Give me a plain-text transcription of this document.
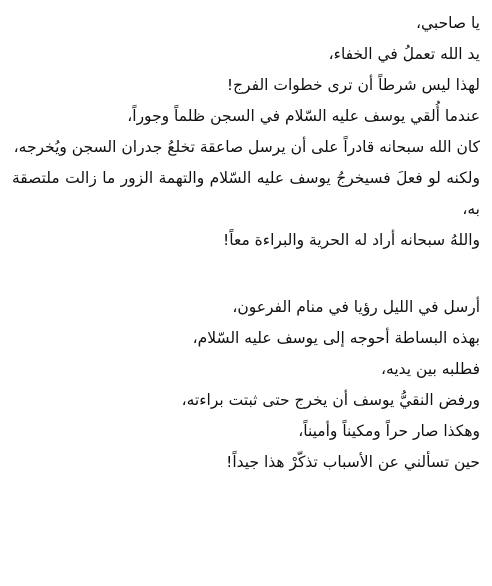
يا صاحبي،
يد الله تعملُ في الخفاء،
لهذا ليس شرطاً أن ترى خطوات الفرج!
عندما أُلقي يوسف عليه السّلام في السجن ظلماً وجوراً،
كان الله سبحانه قادراً على أن يرسل صاعقة تخلعُ جدران السجن ويُخرجه،
ولكنه لو فعلَ فسيخرجُ يوسف عليه السّلام والتهمة الزور ما زالت ملتصقة به،
واللهُ سبحانه أراد له الحرية والبراءة معاً!
أرسل في الليل رؤيا في منام الفرعون،
بهذه البساطة أحوجه إلى يوسف عليه السّلام،
فطلبه بين يديه،
ورفض النقيُّ يوسف أن يخرج حتى ثبتت براءته،
وهكذا صار حراً ومكيناً وأميناً،
حين تسألني عن الأسباب تذكّرْ هذا جيداً!
